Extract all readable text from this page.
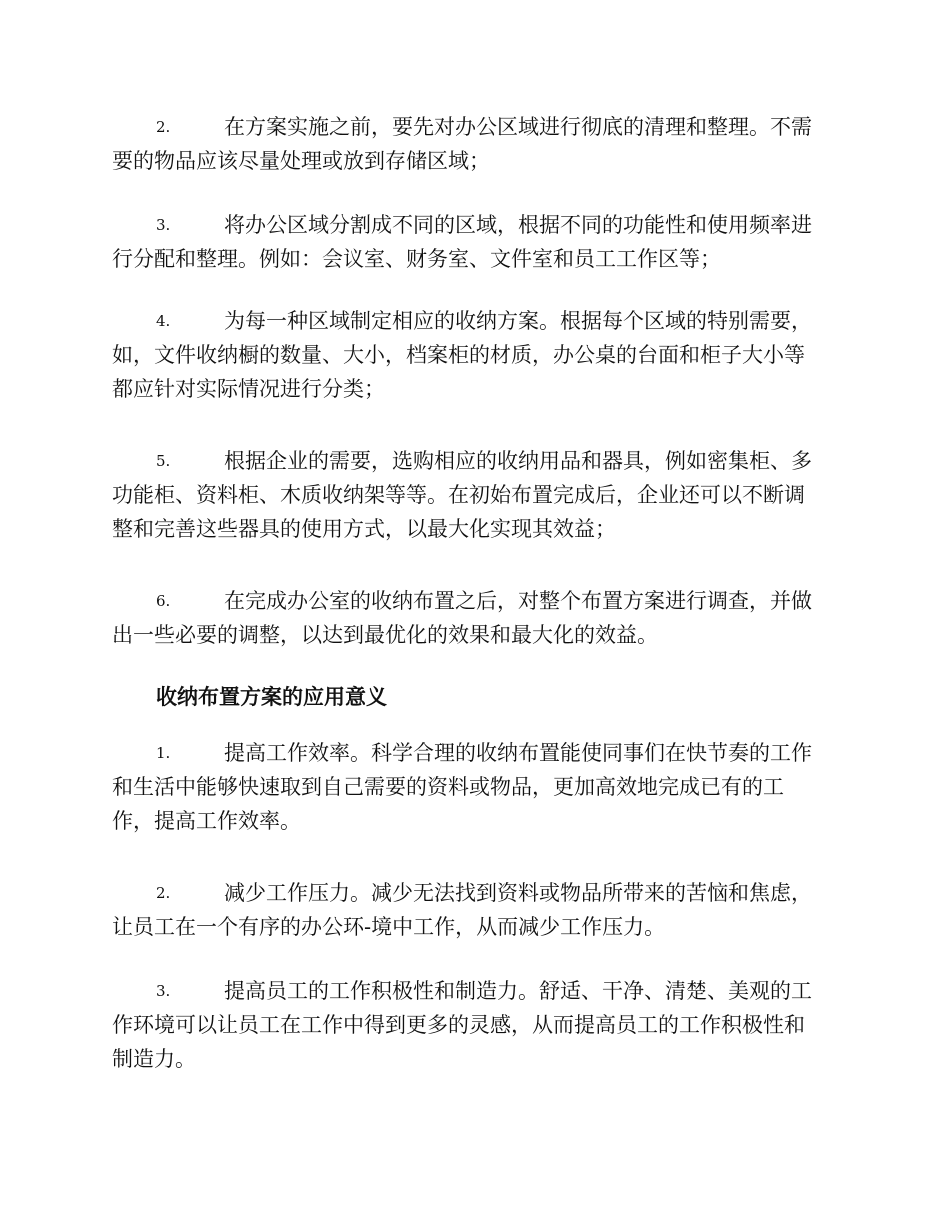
2.	在方案实施之前，要先对办公区域进行彻底的清理和整理。不需
要的物品应该尽量处理或放到存储区域；
3.	将办公区域分割成不同的区域，根据不同的功能性和使用频率进
行分配和整理。例如：会议室、财务室、文件室和员工工作区等；
4.	为每一种区域制定相应的收纳方案。根据每个区域的特别需要，
如，文件收纳橱的数量、大小，档案柜的材质，办公桌的台面和柜子大小等
都应针对实际情况进行分类；
5.	根据企业的需要，选购相应的收纳用品和器具，例如密集柜、多
功能柜、资料柜、木质收纳架等等。在初始布置完成后，企业还可以不断调
整和完善这些器具的使用方式，以最大化实现其效益；
6.	在完成办公室的收纳布置之后，对整个布置方案进行调查，并做
出一些必要的调整，以达到最优化的效果和最大化的效益。
收纳布置方案的应用意义
1.	提高工作效率。科学合理的收纳布置能使同事们在快节奏的工作
和生活中能够快速取到自己需要的资料或物品，更加高效地完成已有的工
作，提高工作效率。
2.	减少工作压力。减少无法找到资料或物品所带来的苦恼和焦虑，
让员工在一个有序的办公环-境中工作，从而减少工作压力。
3.	提高员工的工作积极性和制造力。舒适、干净、清楚、美观的工
作环境可以让员工在工作中得到更多的灵感，从而提高员工的工作积极性和
制造力。
